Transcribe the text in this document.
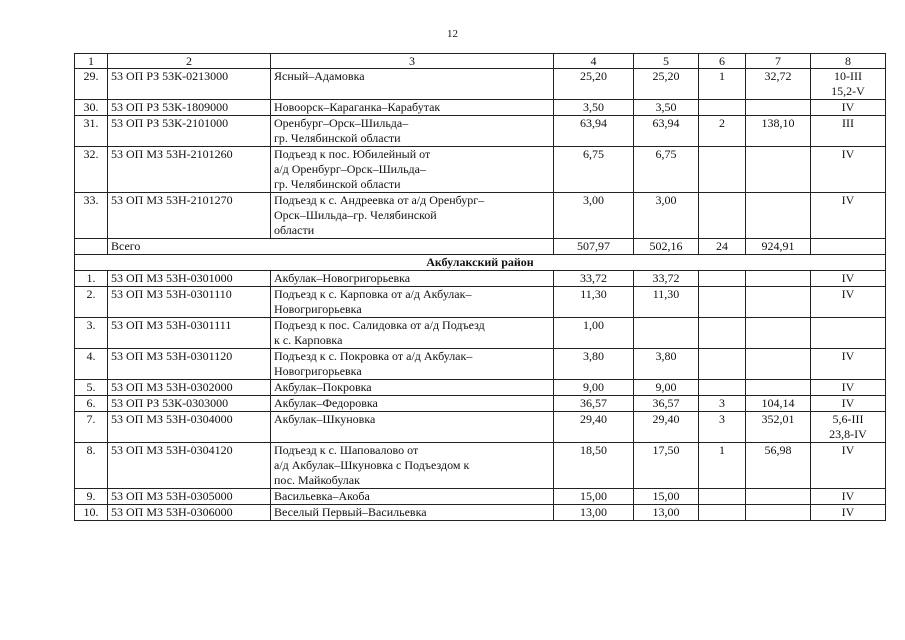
12
1	2	3	4	5	6	7	8
29.	53 ОП РЗ 53К-0213000	Ясный–Адамовка	25,20	25,20	1	32,72	10-III
15,2-V

30.	53 ОП РЗ 53К-1809000	Новоорск–Караганка–Карабутак	3,50	3,50			IV

31.	53 ОП РЗ 53К-2101000	Оренбург–Орск–Шильда–
гр. Челябинской области	63,94	63,94	2	138,10	III

32.	53 ОП МЗ 53Н-2101260	Подъезд к пос. Юбилейный от
а/д Оренбург–Орск–Шильда–
гр. Челябинской области	6,75	6,75			IV

33.	53 ОП МЗ 53Н-2101270	Подъезд к с. Андреевка от а/д Оренбург–
Орск–Шильда–гр. Челябинской
области	3,00	3,00			IV

	Всего		507,97	502,16	24	924,91	
Акбулакский район							
1.	53 ОП МЗ 53Н-0301000	Акбулак–Новогригорьевка	33,72	33,72			IV

2.	53 ОП МЗ 53Н-0301110	Подъезд к с. Карповка от а/д Акбулак–
Новогригорьевка	11,30	11,30			IV

3.	53 ОП МЗ 53Н-0301111	Подъезд к пос. Салидовка от а/д Подъезд
к с. Карповка	1,00				

4.	53 ОП МЗ 53Н-0301120	Подъезд к с. Покровка от а/д Акбулак–
Новогригорьевка	3,80	3,80			IV

5.	53 ОП МЗ 53Н-0302000	Акбулак–Покровка	9,00	9,00			IV

6.	53 ОП РЗ 53К-0303000	Акбулак–Федоровка	36,57	36,57	3	104,14	IV

7.	53 ОП МЗ 53Н-0304000	Акбулак–Шкуновка	29,40	29,40	3	352,01	5,6-III
23,8-IV

8.	53 ОП МЗ 53Н-0304120	Подъезд к с. Шаповалово от
а/д Акбулак–Шкуновка с Подъездом к
пос. Майкобулак	18,50	17,50	1	56,98	IV

9.	53 ОП МЗ 53Н-0305000	Васильевка–Акоба	15,00	15,00			IV

10.	53 ОП МЗ 53Н-0306000	Веселый Первый–Васильевка	13,00	13,00			IV
